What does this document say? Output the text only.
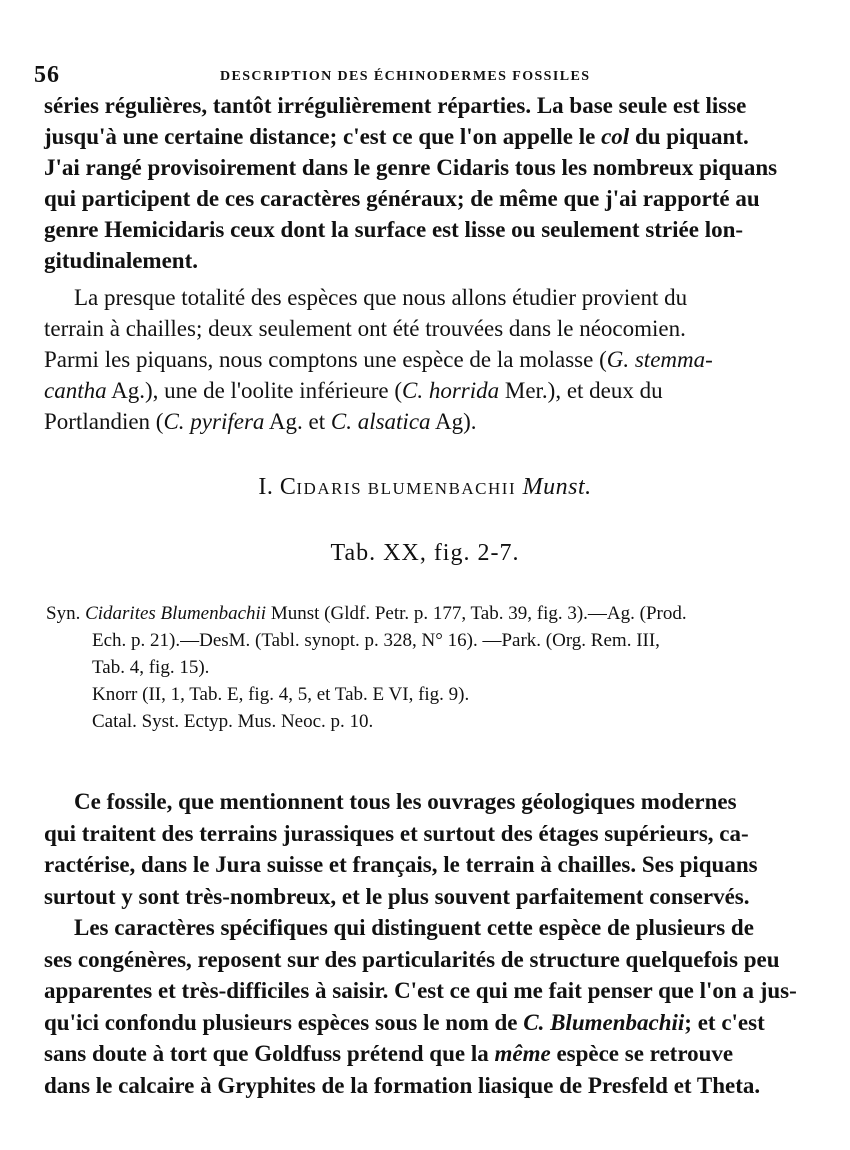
56	DESCRIPTION DES ÉCHINODERMES FOSSILES
séries régulières, tantôt irrégulièrement réparties. La base seule est lisse
jusqu'à une certaine distance; c'est ce que l'on appelle le col du piquant.
J'ai rangé provisoirement dans le genre Cidaris tous les nombreux piquans
qui participent de ces caractères généraux; de même que j'ai rapporté au
genre Hemicidaris ceux dont la surface est lisse ou seulement striée lon-
gitudinalement.
La presque totalité des espèces que nous allons étudier provient du
terrain à chailles; deux seulement ont été trouvées dans le néocomien.
Parmi les piquans, nous comptons une espèce de la molasse (G. stemma-
cantha Ag.), une de l'oolite inférieure (C. horrida Mer.), et deux du
Portlandien (C. pyrifera Ag. et C. alsatica Ag).
I. CIDARIS BLUMENBACHII Munst.
Tab. XX, fig. 2-7.
Syn. Cidarites Blumenbachii Munst (Gldf. Petr. p. 177, Tab. 39, fig. 3).—Ag. (Prod.
Ech. p. 21).—DesM. (Tabl. synopt. p. 328, N° 16). —Park. (Org. Rem. III,
Tab. 4, fig. 15).
Knorr (II, 1, Tab. E, fig. 4, 5, et Tab. E VI, fig. 9).
Catal. Syst. Ectyp. Mus. Neoc. p. 10.
Ce fossile, que mentionnent tous les ouvrages géologiques modernes
qui traitent des terrains jurassiques et surtout des étages supérieurs, ca-
ractérise, dans le Jura suisse et français, le terrain à chailles. Ses piquans
surtout y sont très-nombreux, et le plus souvent parfaitement conservés.
Les caractères spécifiques qui distinguent cette espèce de plusieurs de
ses congénères, reposent sur des particularités de structure quelquefois peu
apparentes et très-difficiles à saisir. C'est ce qui me fait penser que l'on a jus-
qu'ici confondu plusieurs espèces sous le nom de C. Blumenbachii; et c'est
sans doute à tort que Goldfuss prétend que la même espèce se retrouve
dans le calcaire à Gryphites de la formation liasique de Presfeld et Theta.
